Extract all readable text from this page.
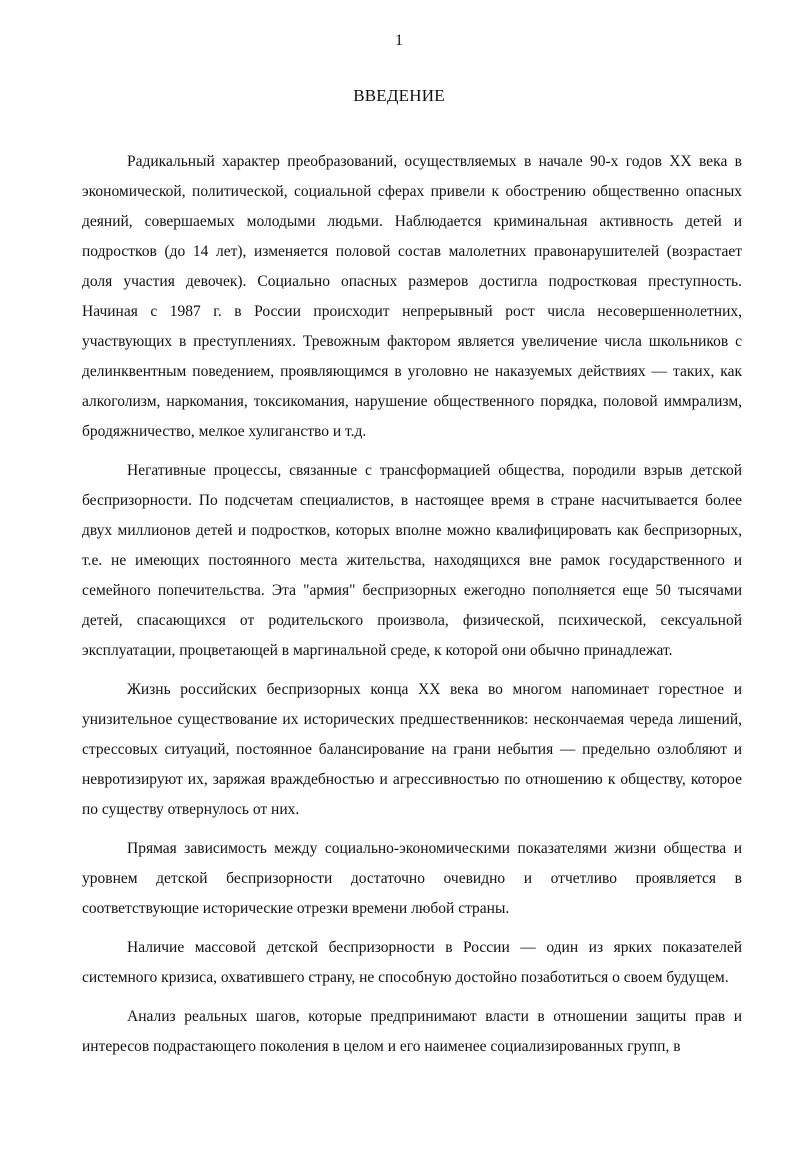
1
ВВЕДЕНИЕ

Радикальный характер преобразований, осуществляемых в начале 90-х годов XX века в экономической, политической, социальной сферах привели к обострению общественно опасных деяний, совершаемых молодыми людьми. Наблюдается криминальная активность детей и подростков (до 14 лет), изменяется половой состав малолетних правонарушителей (возрастает доля участия девочек). Социально опасных размеров достигла подростковая преступность. Начиная с 1987 г. в России происходит непрерывный рост числа несовершеннолетних, участвующих в преступлениях. Тревожным фактором является увеличение числа школьников с делинквентным поведением, проявляющимся в уголовно не наказуемых действиях — таких, как алкоголизм, наркомания, токсикомания, нарушение общественного порядка, половой иммрализм, бродяжничество, мелкое хулиганство и т.д.

Негативные процессы, связанные с трансформацией общества, породили взрыв детской беспризорности. По подсчетам специалистов, в настоящее время в стране насчитывается более двух миллионов детей и подростков, которых вполне можно квалифицировать как беспризорных, т.е. не имеющих постоянного места жительства, находящихся вне рамок государственного и семейного попечительства. Эта "армия" беспризорных ежегодно пополняется еще 50 тысячами детей, спасающихся от родительского произвола, физической, психической, сексуальной эксплуатации, процветающей в маргинальной среде, к которой они обычно принадлежат.

Жизнь российских беспризорных конца XX века во многом напоминает горестное и унизительное существование их исторических предшественников: нескончаемая череда лишений, стрессовых ситуаций, постоянное балансирование на грани небытия — предельно озлобляют и невротизируют их, заряжая враждебностью и агрессивностью по отношению к обществу, которое по существу отвернулось от них.

Прямая зависимость между социально-экономическими показателями жизни общества и уровнем детской беспризорности достаточно очевидно и отчетливо проявляется в соответствующие исторические отрезки времени любой страны.

Наличие массовой детской беспризорности в России — один из ярких показателей системного кризиса, охватившего страну, не способную достойно позаботиться о своем будущем.

Анализ реальных шагов, которые предпринимают власти в отношении защиты прав и интересов подрастающего поколения в целом и его наименее социализированных групп, в
